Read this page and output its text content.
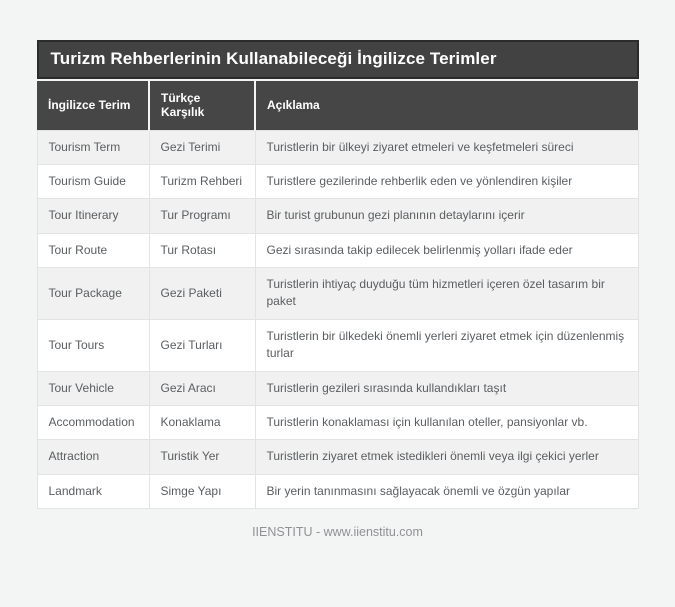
Turizm Rehberlerinin Kullanabileceği İngilizce Terimler
İngilizce Terim	Türkçe Karşılık	Açıklama
Tourism Term	Gezi Terimi	Turistlerin bir ülkeyi ziyaret etmeleri ve keşfetmeleri süreci
Tourism Guide	Turizm Rehberi	Turistlere gezilerinde rehberlik eden ve yönlendiren kişiler
Tour Itinerary	Tur Programı	Bir turist grubunun gezi planının detaylarını içerir
Tour Route	Tur Rotası	Gezi sırasında takip edilecek belirlenmiş yolları ifade eder
Tour Package	Gezi Paketi	Turistlerin ihtiyaç duyduğu tüm hizmetleri içeren özel tasarım bir paket
Tour Tours	Gezi Turları	Turistlerin bir ülkedeki önemli yerleri ziyaret etmek için düzenlenmiş turlar
Tour Vehicle	Gezi Aracı	Turistlerin gezileri sırasında kullandıkları taşıt
Accommodation	Konaklama	Turistlerin konaklaması için kullanılan oteller, pansiyonlar vb.
Attraction	Turistik Yer	Turistlerin ziyaret etmek istedikleri önemli veya ilgi çekici yerler
Landmark	Simge Yapı	Bir yerin tanınmasını sağlayacak önemli ve özgün yapılar
IIENSTITU - www.iienstitu.com
